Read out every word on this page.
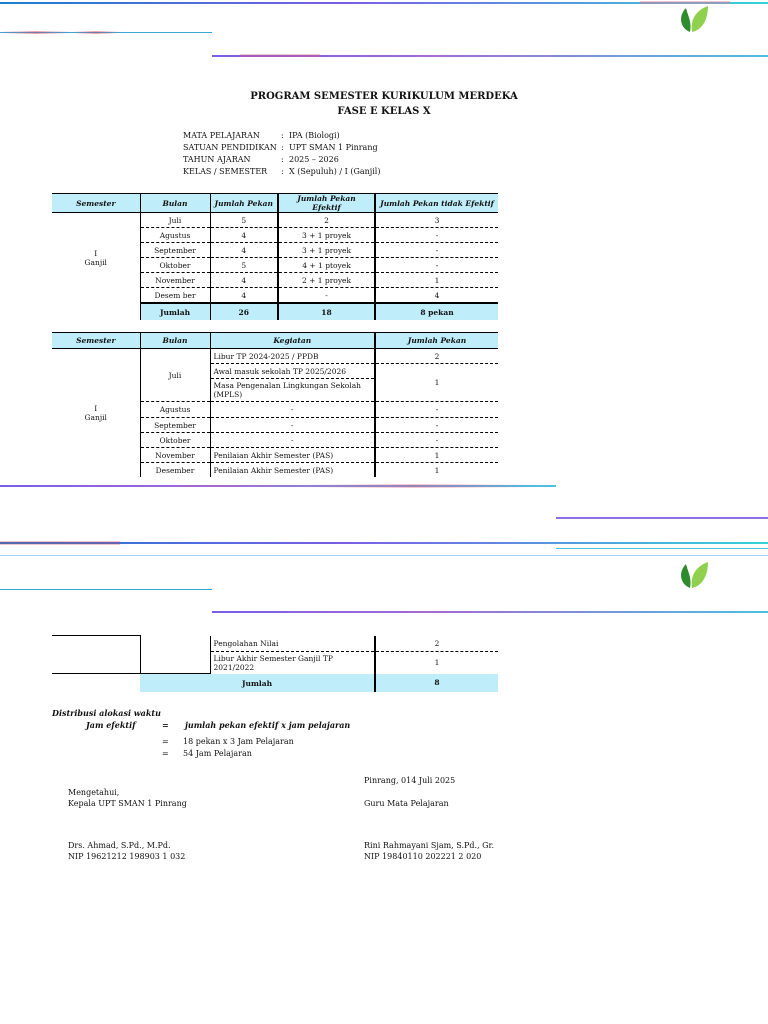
PROGRAM SEMESTER KURIKULUM MERDEKA
FASE E KELAS X
MATA PELAJARAN	: IPA (Biologi)
SATUAN PENDIDIKAN : UPT SMAN 1 Pinrang
TAHUN AJARAN	: 2025 – 2026
KELAS / SEMESTER : X (Sepuluh) / I (Ganjil)
Semester	Bulan	Jumlah Pekan	Jumlah Pekan Efektif	Jumlah Pekan tidak Efektif
I
Ganjil	Juli	5	2	3
	Agustus	4	3 + 1 proyek	-
	September	4	3 + 1 proyek	-
	Oktober	5	4 + 1 ptoyek	-
	November	4	2 + 1 proyek	1
	Desem ber	4	-	4
	Jumlah	26	18	8 pekan
Semester	Bulan	Kegiatan	Jumlah Pekan
I
Ganjil	Juli	Libur TP 2024-2025 / PPDB	2
		Awal masuk sekolah TP 2025/2026	1
		Masa Pengenalan Lingkungan Sekolah (MPLS)	
	Agustus	-	-
	September	-	-
	Oktober	-	-
	November	Penilaian Akhir Semester (PAS)	1
	Desember	Penilaian Akhir Semester (PAS)	1
		Pengolahan Nilai	2
		Libur Akhir Semester Ganjil TP 2021/2022	1
	Jumlah		8
Distribusi alokasi waktu
Jam efektif	= jumlah pekan efektif x jam pelajaran
= 18 pekan x 3 Jam Pelajaran
= 54 Jam Pelajaran
Pinrang, 014 Juli 2025
Mengetahui,
Kepala UPT SMAN 1 Pinrang	Guru Mata Pelajaran
Drs. Ahmad, S.Pd., M.Pd.
NIP 19621212 198903 1 032
Rini Rahmayani Sjam, S.Pd., Gr.
NIP 19840110 202221 2 020
